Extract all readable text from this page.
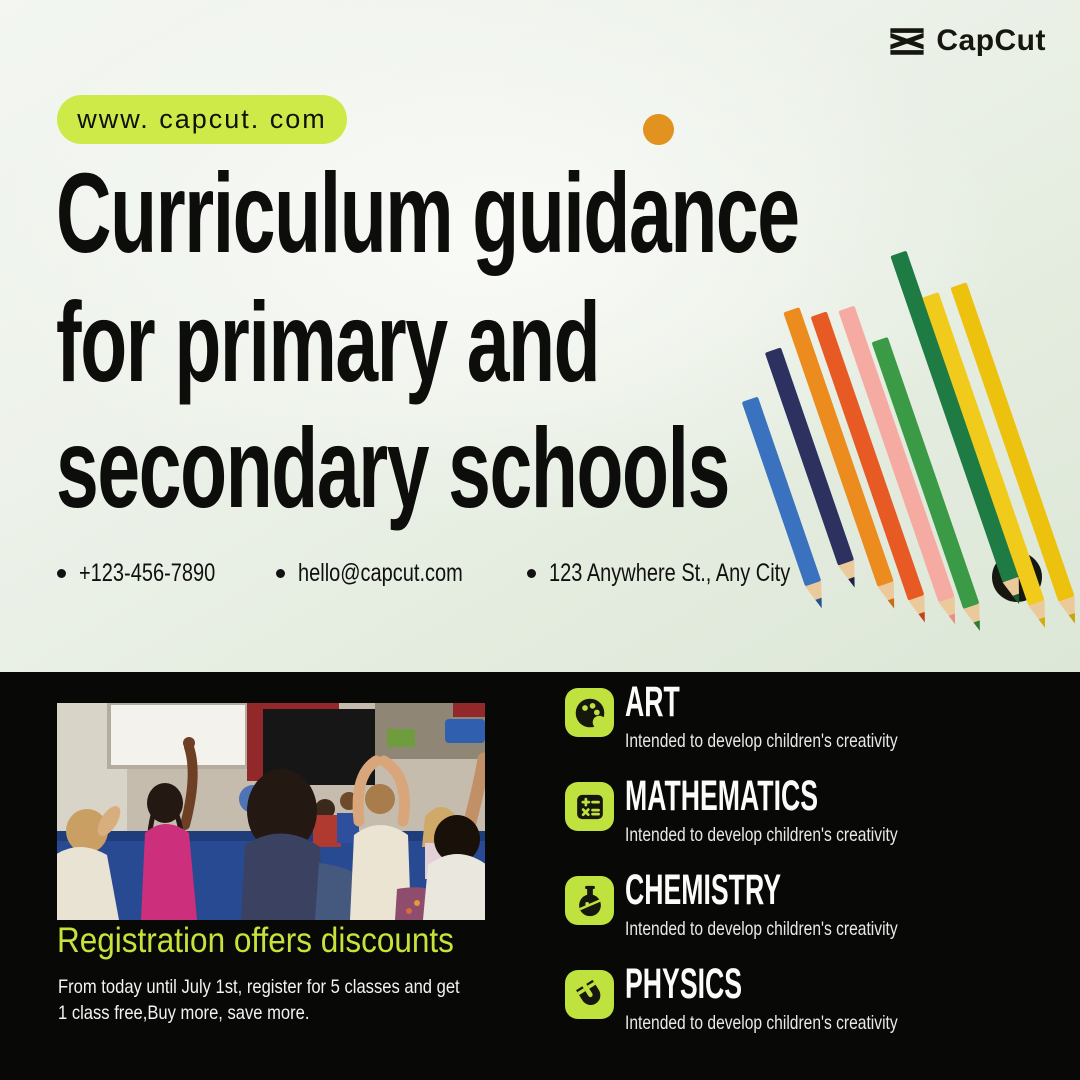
CapCut
www. capcut. com
Curriculum guidance
for primary and
secondary schools
+123-456-7890	hello@capcut.com	123 Anywhere St., Any City
Registration offers discounts
From today until July 1st, register for 5 classes and get
1 class free,Buy more, save more.
ART
Intended to develop children's creativity
MATHEMATICS
Intended to develop children's creativity
CHEMISTRY
Intended to develop children's creativity
PHYSICS
Intended to develop children's creativity
